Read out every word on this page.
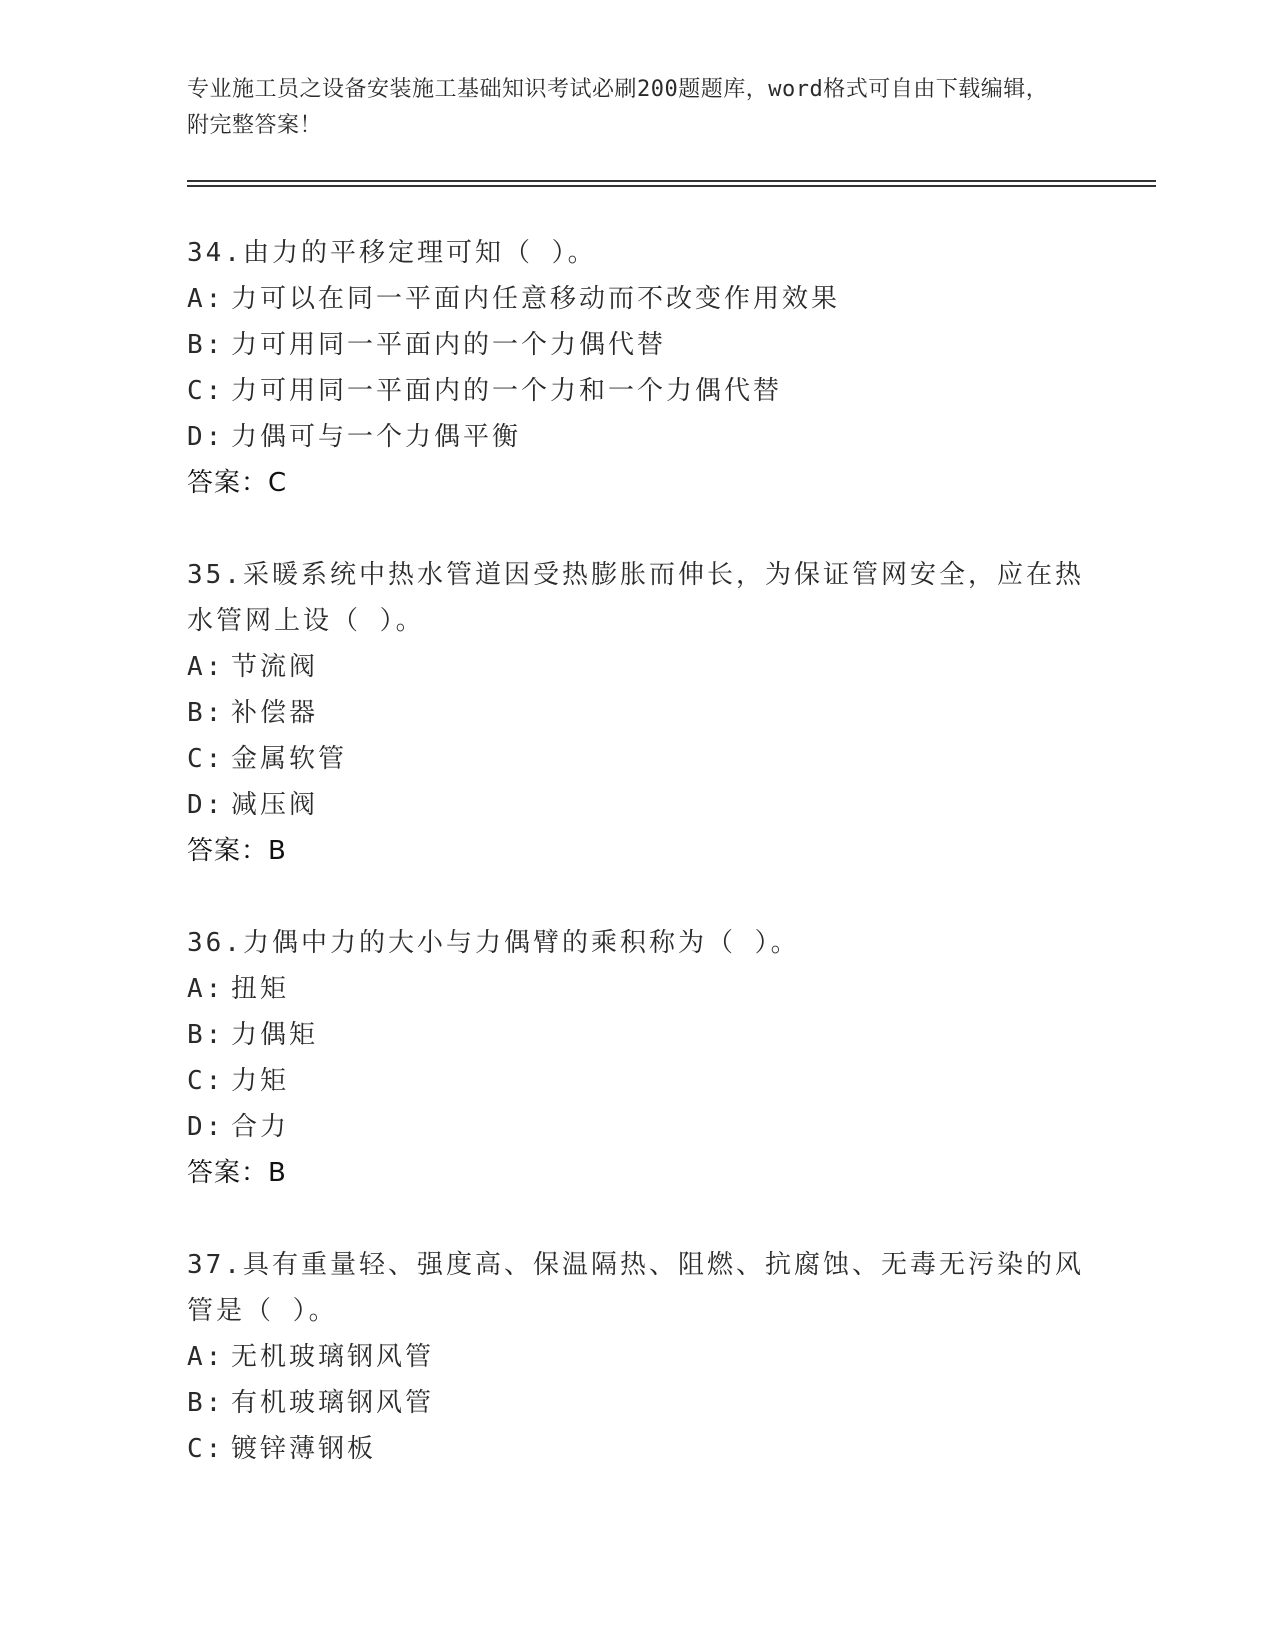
专业施工员之设备安装施工基础知识考试必刷200题题库，word格式可自由下载编辑，附完整答案！

34.由力的平移定理可知（ ）。

A: 力可以在同一平面内任意移动而不改变作用效果

B: 力可用同一平面内的一个力偶代替

C: 力可用同一平面内的一个力和一个力偶代替

D: 力偶可与一个力偶平衡

答案：C

35.采暖系统中热水管道因受热膨胀而伸长，为保证管网安全，应在热水管网上设（ ）。

A: 节流阀

B: 补偿器

C: 金属软管

D: 减压阀

答案：B

36.力偶中力的大小与力偶臂的乘积称为（ ）。

A: 扭矩

B: 力偶矩

C: 力矩

D: 合力

答案：B

37.具有重量轻、强度高、保温隔热、阻燃、抗腐蚀、无毒无污染的风管是（ ）。

A: 无机玻璃钢风管

B: 有机玻璃钢风管

C: 镀锌薄钢板
